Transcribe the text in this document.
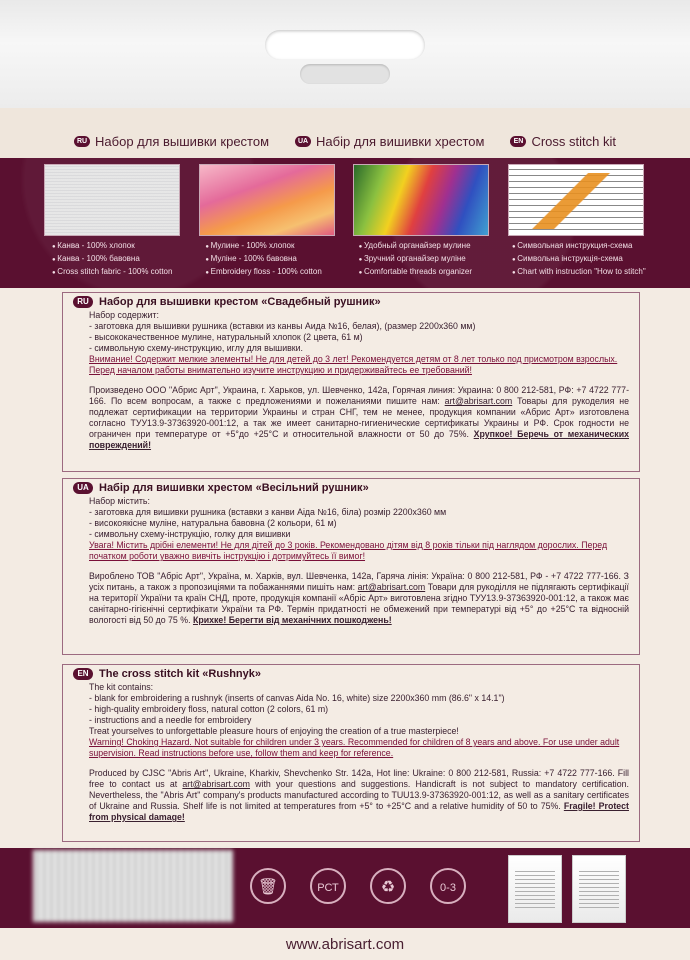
RU Набор для вышивки крестом	UA Набір для вишивки хрестом	EN Cross stitch kit
● Канва - 100% хлопок
● Канва - 100% бавовна
● Cross stitch fabric - 100% cotton
● Мулине - 100% хлопок
● Муліне - 100% бавовна
● Embroidery floss - 100% cotton
● Удобный органайзер мулине
● Зручний органайзер муліне
● Comfortable threads organizer
● Символьная инструкция-схема
● Символьна інструкція-схема
● Chart with instruction "How to stitch"
RU Набор для вышивки крестом «Свадебный рушник»

Набор содержит:

- заготовка для вышивки рушника (вставки из канвы Аида №16, белая), (размер 2200х360 мм)

- высококачественное мулине, натуральный хлопок (2 цвета, 61 м)

- символьную схему-инструкцию, иглу для вышивки.

Внимание! Содержит мелкие элементы! Не для детей до 3 лет! Рекомендуется детям от 8 лет только под присмотром взрослых. Перед началом работы внимательно изучите инструкцию и придерживайтесь ее требований!

Произведено ООО "Абрис Арт", Украина, г. Харьков, ул. Шевченко, 142а, Горячая линия: Украина: 0 800 212-581, РФ: +7 4722 777-166. По всем вопросам, а также с предложениями и пожеланиями пишите нам: art@abrisart.com Товары для рукоделия не подлежат сертификации на территории Украины и стран СНГ, тем не менее, продукция компании «Абрис Арт» изготовлена согласно ТУУ13.9-37363920-001:12, а так же имеет санитарно-гигиенические сертификаты Украины и РФ. Срок годности не ограничен при температуре от +5°до +25°С и относительной влажности от 50 до 75%. Хрупкое! Беречь от механических повреждений!

UA Набір для вишивки хрестом «Весільний рушник»

Набор містить:

- заготовка для вишивки рушника (вставки з канви Аіда №16, біла) розмір 2200х360 мм

- високоякісне муліне, натуральна бавовна (2 кольори, 61 м)

- символьну схему-інструкцію, голку для вишивки

Увага! Містить дрібні елементи! Не для дітей до 3 років. Рекомендовано дітям від 8 років тільки під наглядом дорослих. Перед початком роботи уважно вивчіть інструкцію і дотримуйтесь її вимог!

Виробленo ТОВ "Абріс Арт", Україна, м. Харків, вул. Шевченка, 142а, Гаряча лінія: Україна: 0 800 212-581, РФ - +7 4722 777-166. З усіх питань, а також з пропозиціями та побажаннями пишіть нам: art@abrisart.com Товари для рукоділля не підлягають сертифікації на території України та країн СНД, проте, продукція компанії «Абріс Арт» виготовлена згідно ТУУ13.9-37363920-001:12, а також має санітарно-гігієнічні сертифікати України та РФ. Термін придатності не обмежений при температурі від +5° до +25°С та відносній вологості від 50 до 75 %. Крихке! Берегти від механічних пошкоджень!

EN The cross stitch kit «Rushnyk»

The kit contains:

- blank for embroidering a rushnyk (inserts of canvas Aida No. 16, white) size 2200x360 mm (86.6" x 14.1")

- high-quality embroidery floss, natural cotton (2 colors, 61 m)

- instructions and a needle for embroidery

Treat yourselves to unforgettable pleasure hours of enjoying the creation of a true masterpiece!

Warning! Choking Hazard. Not suitable for children under 3 years. Recommended for children of 8 years and above. For use under adult supervision. Read instructions before use, follow them and keep for reference.

Produced by CJSC "Abris Art", Ukraine, Kharkiv, Shevchenko Str. 142a, Hot line: Ukraine: 0 800 212-581, Russia: +7 4722 777-166. Fill free to contact us at art@abrisart.com with your questions and suggestions. Handicraft is not subject to mandatory certification. Nevertheless, the "Abris Art" company's products manufactured according to TUU13.9-37363920-001:12, as well as a sanitary certificates of Ukraine and Russia. Shelf life is not limited at temperatures from +5° to +25°C and a relative humidity of 50 to 75%. Fragile! Protect from physical damage!

🗑	РСТ	♻	0-3
www.abrisart.com
